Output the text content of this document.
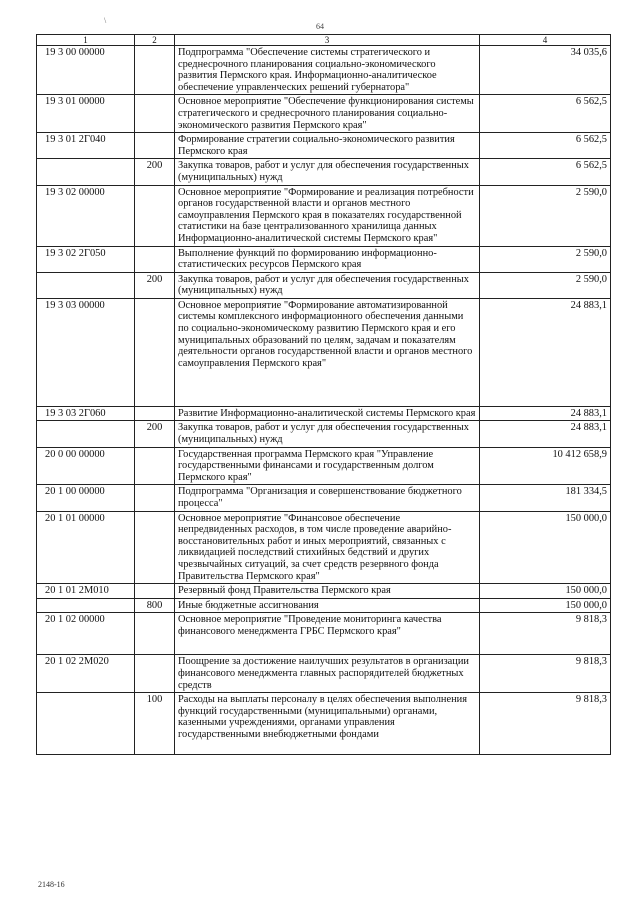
\
64
1	2	3	4
19 3 00 00000		Подпрограмма "Обеспечение системы стратегического и среднесрочного планирования социально-экономического развития Пермского края. Информационно-аналитическое обеспечение управленческих решений губернатора"	34 035,6
19 3 01 00000		Основное мероприятие "Обеспечение функционирования системы стратегического и среднесрочного планирования социально-экономического развития Пермского края"	6 562,5
19 3 01 2Г040		Формирование стратегии социально-экономического развития Пермского края	6 562,5
	200	Закупка товаров, работ и услуг для обеспечения государственных (муниципальных) нужд	6 562,5
19 3 02 00000		Основное мероприятие "Формирование и реализация потребности органов государственной власти и органов местного самоуправления Пермского края в показателях государственной статистики на базе централизованного хранилища данных Информационно-аналитической системы Пермского края"	2 590,0
19 3 02 2Г050		Выполнение функций по формированию информационно-статистических ресурсов Пермского края	2 590,0
	200	Закупка товаров, работ и услуг для обеспечения государственных (муниципальных) нужд	2 590,0
19 3 03 00000		Основное мероприятие "Формирование автоматизированной системы комплексного информационного обеспечения данными по социально-экономическому развитию Пермского края и его муниципальных образований по целям, задачам и показателям деятельности органов государственной власти и органов местного самоуправления Пермского края"	24 883,1
19 3 03 2Г060		Развитие Информационно-аналитической системы Пермского края	24 883,1
	200	Закупка товаров, работ и услуг для обеспечения государственных (муниципальных) нужд	24 883,1
20 0 00 00000		Государственная программа Пермского края "Управление государственными финансами и государственным долгом Пермского края"	10 412 658,9
20 1 00 00000		Подпрограмма "Организация и совершенствование бюджетного процесса"	181 334,5
20 1 01 00000		Основное мероприятие "Финансовое обеспечение непредвиденных расходов, в том числе проведение аварийно-восстановительных работ и иных мероприятий, связанных с ликвидацией последствий стихийных бедствий и других чрезвычайных ситуаций, за счет средств резервного фонда Правительства Пермского края"	150 000,0
20 1 01 2М010		Резервный фонд Правительства Пермского края	150 000,0
	800	Иные бюджетные ассигнования	150 000,0
20 1 02 00000		Основное мероприятие "Проведение мониторинга качества финансового менеджмента ГРБС Пермского края"	9 818,3
20 1 02 2М020		Поощрение за достижение наилучших результатов в организации финансового менеджмента главных распорядителей бюджетных средств	9 818,3
	100	Расходы на выплаты персоналу в целях обеспечения выполнения функций государственными (муниципальными) органами, казенными учреждениями, органами управления государственными внебюджетными фондами	9 818,3
2148-16
